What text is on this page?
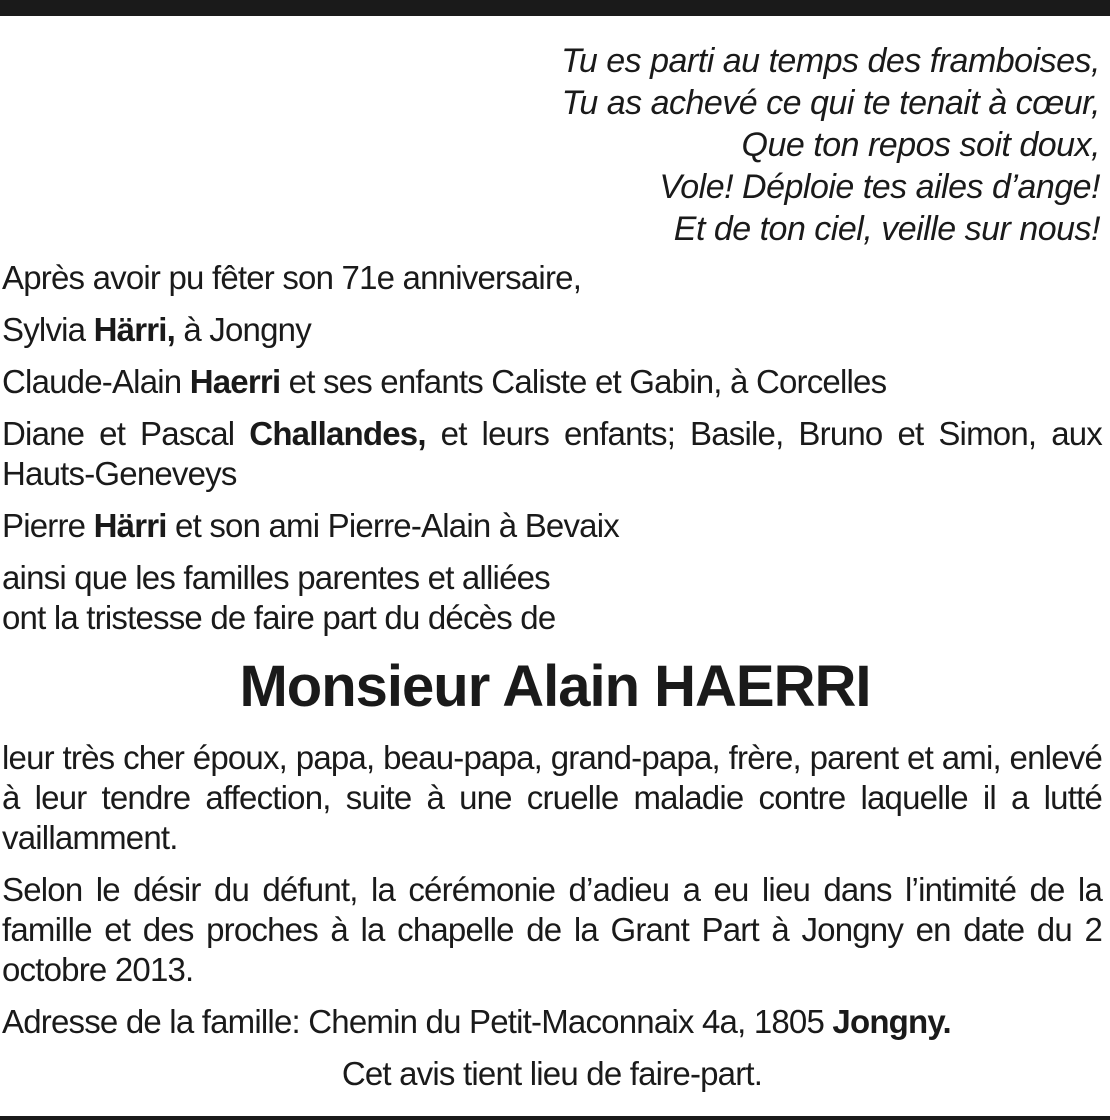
Tu es parti au temps des framboises,
Tu as achevé ce qui te tenait à cœur,
Que ton repos soit doux,
Vole! Déploie tes ailes d’ange!
Et de ton ciel, veille sur nous!

Après avoir pu fêter son 71e anniversaire,

Sylvia Härri, à Jongny

Claude-Alain Haerri et ses enfants Caliste et Gabin, à Corcelles

Diane et Pascal Challandes, et leurs enfants; Basile, Bruno et Simon, aux Hauts-Geneveys

Pierre Härri et son ami Pierre-Alain à Bevaix

ainsi que les familles parentes et alliées

ont la tristesse de faire part du décès de

Monsieur Alain HAERRI

leur très cher époux, papa, beau-papa, grand-papa, frère, parent et ami, enlevé à leur tendre affection, suite à une cruelle maladie contre laquelle il a lutté vaillamment.

Selon le désir du défunt, la cérémonie d’adieu a eu lieu dans l’intimité de la famille et des proches à la chapelle de la Grant Part à Jongny en date du 2 octobre 2013.

Adresse de la famille: Chemin du Petit-Maconnaix 4a, 1805 Jongny.

Cet avis tient lieu de faire-part.
